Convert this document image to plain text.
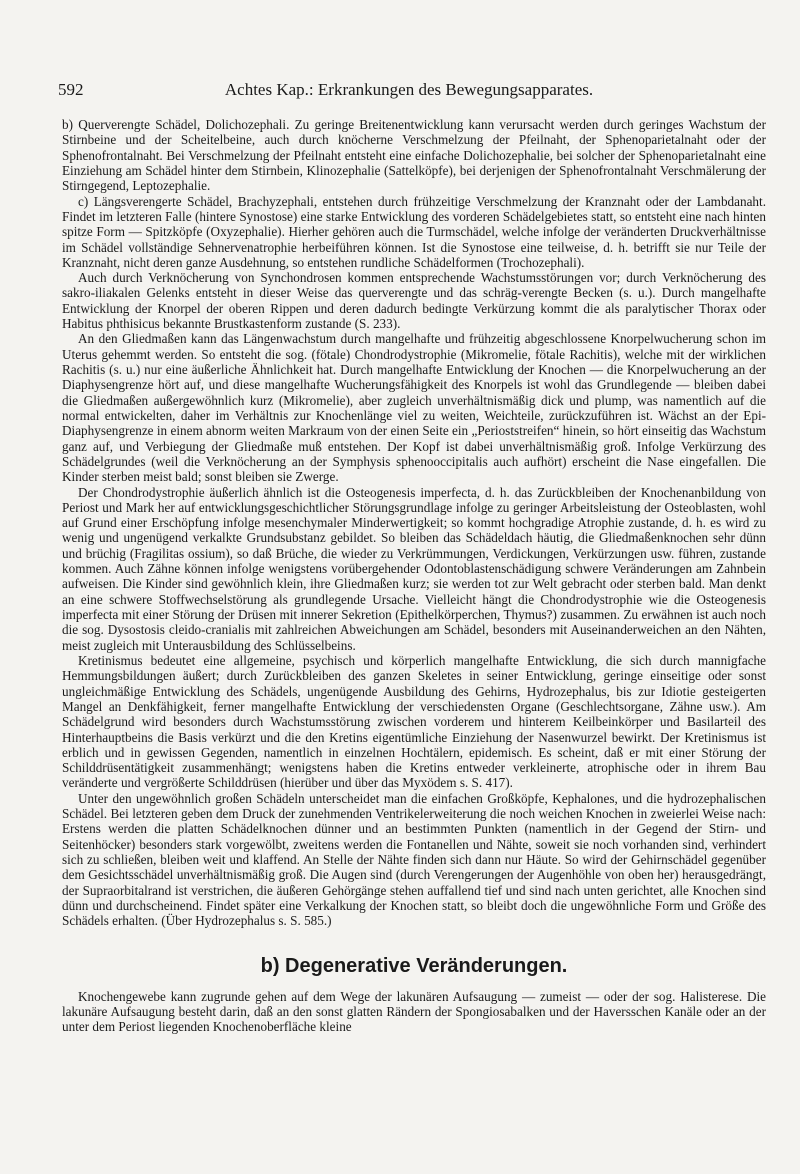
592	Achtes Kap.: Erkrankungen des Bewegungsapparates.

b) Querverengte Schädel, Dolichozephali. Zu geringe Breitenentwicklung kann verursacht werden durch geringes Wachstum der Stirnbeine und der Scheitelbeine, auch durch knöcherne Verschmelzung der Pfeilnaht, der Sphenoparietalnaht oder der Sphenofrontalnaht. Bei Verschmelzung der Pfeilnaht entsteht eine einfache Dolichozephalie, bei solcher der Sphenoparietalnaht eine Einziehung am Schädel hinter dem Stirnbein, Klinozephalie (Sattelköpfe), bei derjenigen der Sphenofrontalnaht Verschmälerung der Stirngegend, Leptozephalie.

c) Längsverengerte Schädel, Brachyzephali, entstehen durch frühzeitige Verschmelzung der Kranznaht oder der Lambdanaht. Findet im letzteren Falle (hintere Synostose) eine starke Entwicklung des vorderen Schädelgebietes statt, so entsteht eine nach hinten spitze Form — Spitzköpfe (Oxyzephalie). Hierher gehören auch die Turmschädel, welche infolge der veränderten Druckverhältnisse im Schädel vollständige Sehnervenatrophie herbeiführen können. Ist die Synostose eine teilweise, d. h. betrifft sie nur Teile der Kranznaht, nicht deren ganze Ausdehnung, so entstehen rundliche Schädelformen (Trochozephali).

Auch durch Verknöcherung von Synchondrosen kommen entsprechende Wachstumsstörungen vor; durch Verknöcherung des sakro-iliakalen Gelenks entsteht in dieser Weise das querverengte und das schräg-verengte Becken (s. u.). Durch mangelhafte Entwicklung der Knorpel der oberen Rippen und deren dadurch bedingte Verkürzung kommt die als paralytischer Thorax oder Habitus phthisicus bekannte Brustkastenform zustande (S. 233).

An den Gliedmaßen kann das Längenwachstum durch mangelhafte und frühzeitig abgeschlossene Knorpelwucherung schon im Uterus gehemmt werden. So entsteht die sog. (fötale) Chondrodystrophie (Mikromelie, fötale Rachitis), welche mit der wirklichen Rachitis (s. u.) nur eine äußerliche Ähnlichkeit hat. Durch mangelhafte Entwicklung der Knochen — die Knorpelwucherung an der Diaphysengrenze hört auf, und diese mangelhafte Wucherungsfähigkeit des Knorpels ist wohl das Grundlegende — bleiben dabei die Gliedmaßen außergewöhnlich kurz (Mikromelie), aber zugleich unverhältnismäßig dick und plump, was namentlich auf die normal entwickelten, daher im Verhältnis zur Knochenlänge viel zu weiten, Weichteile, zurückzuführen ist. Wächst an der Epi-Diaphysengrenze in einem abnorm weiten Markraum von der einen Seite ein „Perioststreifen“ hinein, so hört einseitig das Wachstum ganz auf, und Verbiegung der Gliedmaße muß entstehen. Der Kopf ist dabei unverhältnismäßig groß. Infolge Verkürzung des Schädelgrundes (weil die Verknöcherung an der Symphysis sphenooccipitalis auch aufhört) erscheint die Nase eingefallen. Die Kinder sterben meist bald; sonst bleiben sie Zwerge.

Der Chondrodystrophie äußerlich ähnlich ist die Osteogenesis imperfecta, d. h. das Zurückbleiben der Knochenanbildung von Periost und Mark her auf entwicklungsgeschichtlicher Störungsgrundlage infolge zu geringer Arbeitsleistung der Osteoblasten, wohl auf Grund einer Erschöpfung infolge mesenchymaler Minderwertigkeit; so kommt hochgradige Atrophie zustande, d. h. es wird zu wenig und ungenügend verkalkte Grundsubstanz gebildet. So bleiben das Schädeldach häutig, die Gliedmaßenknochen sehr dünn und brüchig (Fragilitas ossium), so daß Brüche, die wieder zu Verkrümmungen, Verdickungen, Verkürzungen usw. führen, zustande kommen. Auch Zähne können infolge wenigstens vorübergehender Odontoblastenschädigung schwere Veränderungen am Zahnbein aufweisen. Die Kinder sind gewöhnlich klein, ihre Gliedmaßen kurz; sie werden tot zur Welt gebracht oder sterben bald. Man denkt an eine schwere Stoffwechselstörung als grundlegende Ursache. Vielleicht hängt die Chondrodystrophie wie die Osteogenesis imperfecta mit einer Störung der Drüsen mit innerer Sekretion (Epithelkörperchen, Thymus?) zusammen. Zu erwähnen ist auch noch die sog. Dysostosis cleido-cranialis mit zahlreichen Abweichungen am Schädel, besonders mit Auseinanderweichen an den Nähten, meist zugleich mit Unterausbildung des Schlüsselbeins.

Kretinismus bedeutet eine allgemeine, psychisch und körperlich mangelhafte Entwicklung, die sich durch mannigfache Hemmungsbildungen äußert; durch Zurückbleiben des ganzen Skeletes in seiner Entwicklung, geringe einseitige oder sonst ungleichmäßige Entwicklung des Schädels, ungenügende Ausbildung des Gehirns, Hydrozephalus, bis zur Idiotie gesteigerten Mangel an Denkfähigkeit, ferner mangelhafte Entwicklung der verschiedensten Organe (Geschlechtsorgane, Zähne usw.). Am Schädelgrund wird besonders durch Wachstumsstörung zwischen vorderem und hinterem Keilbeinkörper und Basilarteil des Hinterhauptbeins die Basis verkürzt und die den Kretins eigentümliche Einziehung der Nasenwurzel bewirkt. Der Kretinismus ist erblich und in gewissen Gegenden, namentlich in einzelnen Hochtälern, epidemisch. Es scheint, daß er mit einer Störung der Schilddrüsentätigkeit zusammenhängt; wenigstens haben die Kretins entweder verkleinerte, atrophische oder in ihrem Bau veränderte und vergrößerte Schilddrüsen (hierüber und über das Myxödem s. S. 417).

Unter den ungewöhnlich großen Schädeln unterscheidet man die einfachen Großköpfe, Kephalones, und die hydrozephalischen Schädel. Bei letzteren geben dem Druck der zunehmenden Ventrikelerweiterung die noch weichen Knochen in zweierlei Weise nach: Erstens werden die platten Schädelknochen dünner und an bestimmten Punkten (namentlich in der Gegend der Stirn- und Seitenhöcker) besonders stark vorgewölbt, zweitens werden die Fontanellen und Nähte, soweit sie noch vorhanden sind, verhindert sich zu schließen, bleiben weit und klaffend. An Stelle der Nähte finden sich dann nur Häute. So wird der Gehirnschädel gegenüber dem Gesichtsschädel unverhältnismäßig groß. Die Augen sind (durch Verengerungen der Augenhöhle von oben her) herausgedrängt, der Supraorbitalrand ist verstrichen, die äußeren Gehörgänge stehen auffallend tief und sind nach unten gerichtet, alle Knochen sind dünn und durchscheinend. Findet später eine Verkalkung der Knochen statt, so bleibt doch die ungewöhnliche Form und Größe des Schädels erhalten. (Über Hydrozephalus s. S. 585.)

b) Degenerative Veränderungen.

Knochengewebe kann zugrunde gehen auf dem Wege der lakunären Aufsaugung — zumeist — oder der sog. Halisterese. Die lakunäre Aufsaugung besteht darin, daß an den sonst glatten Rändern der Spongiosabalken und der Haversschen Kanäle oder an der unter dem Periost liegenden Knochenoberfläche kleine
